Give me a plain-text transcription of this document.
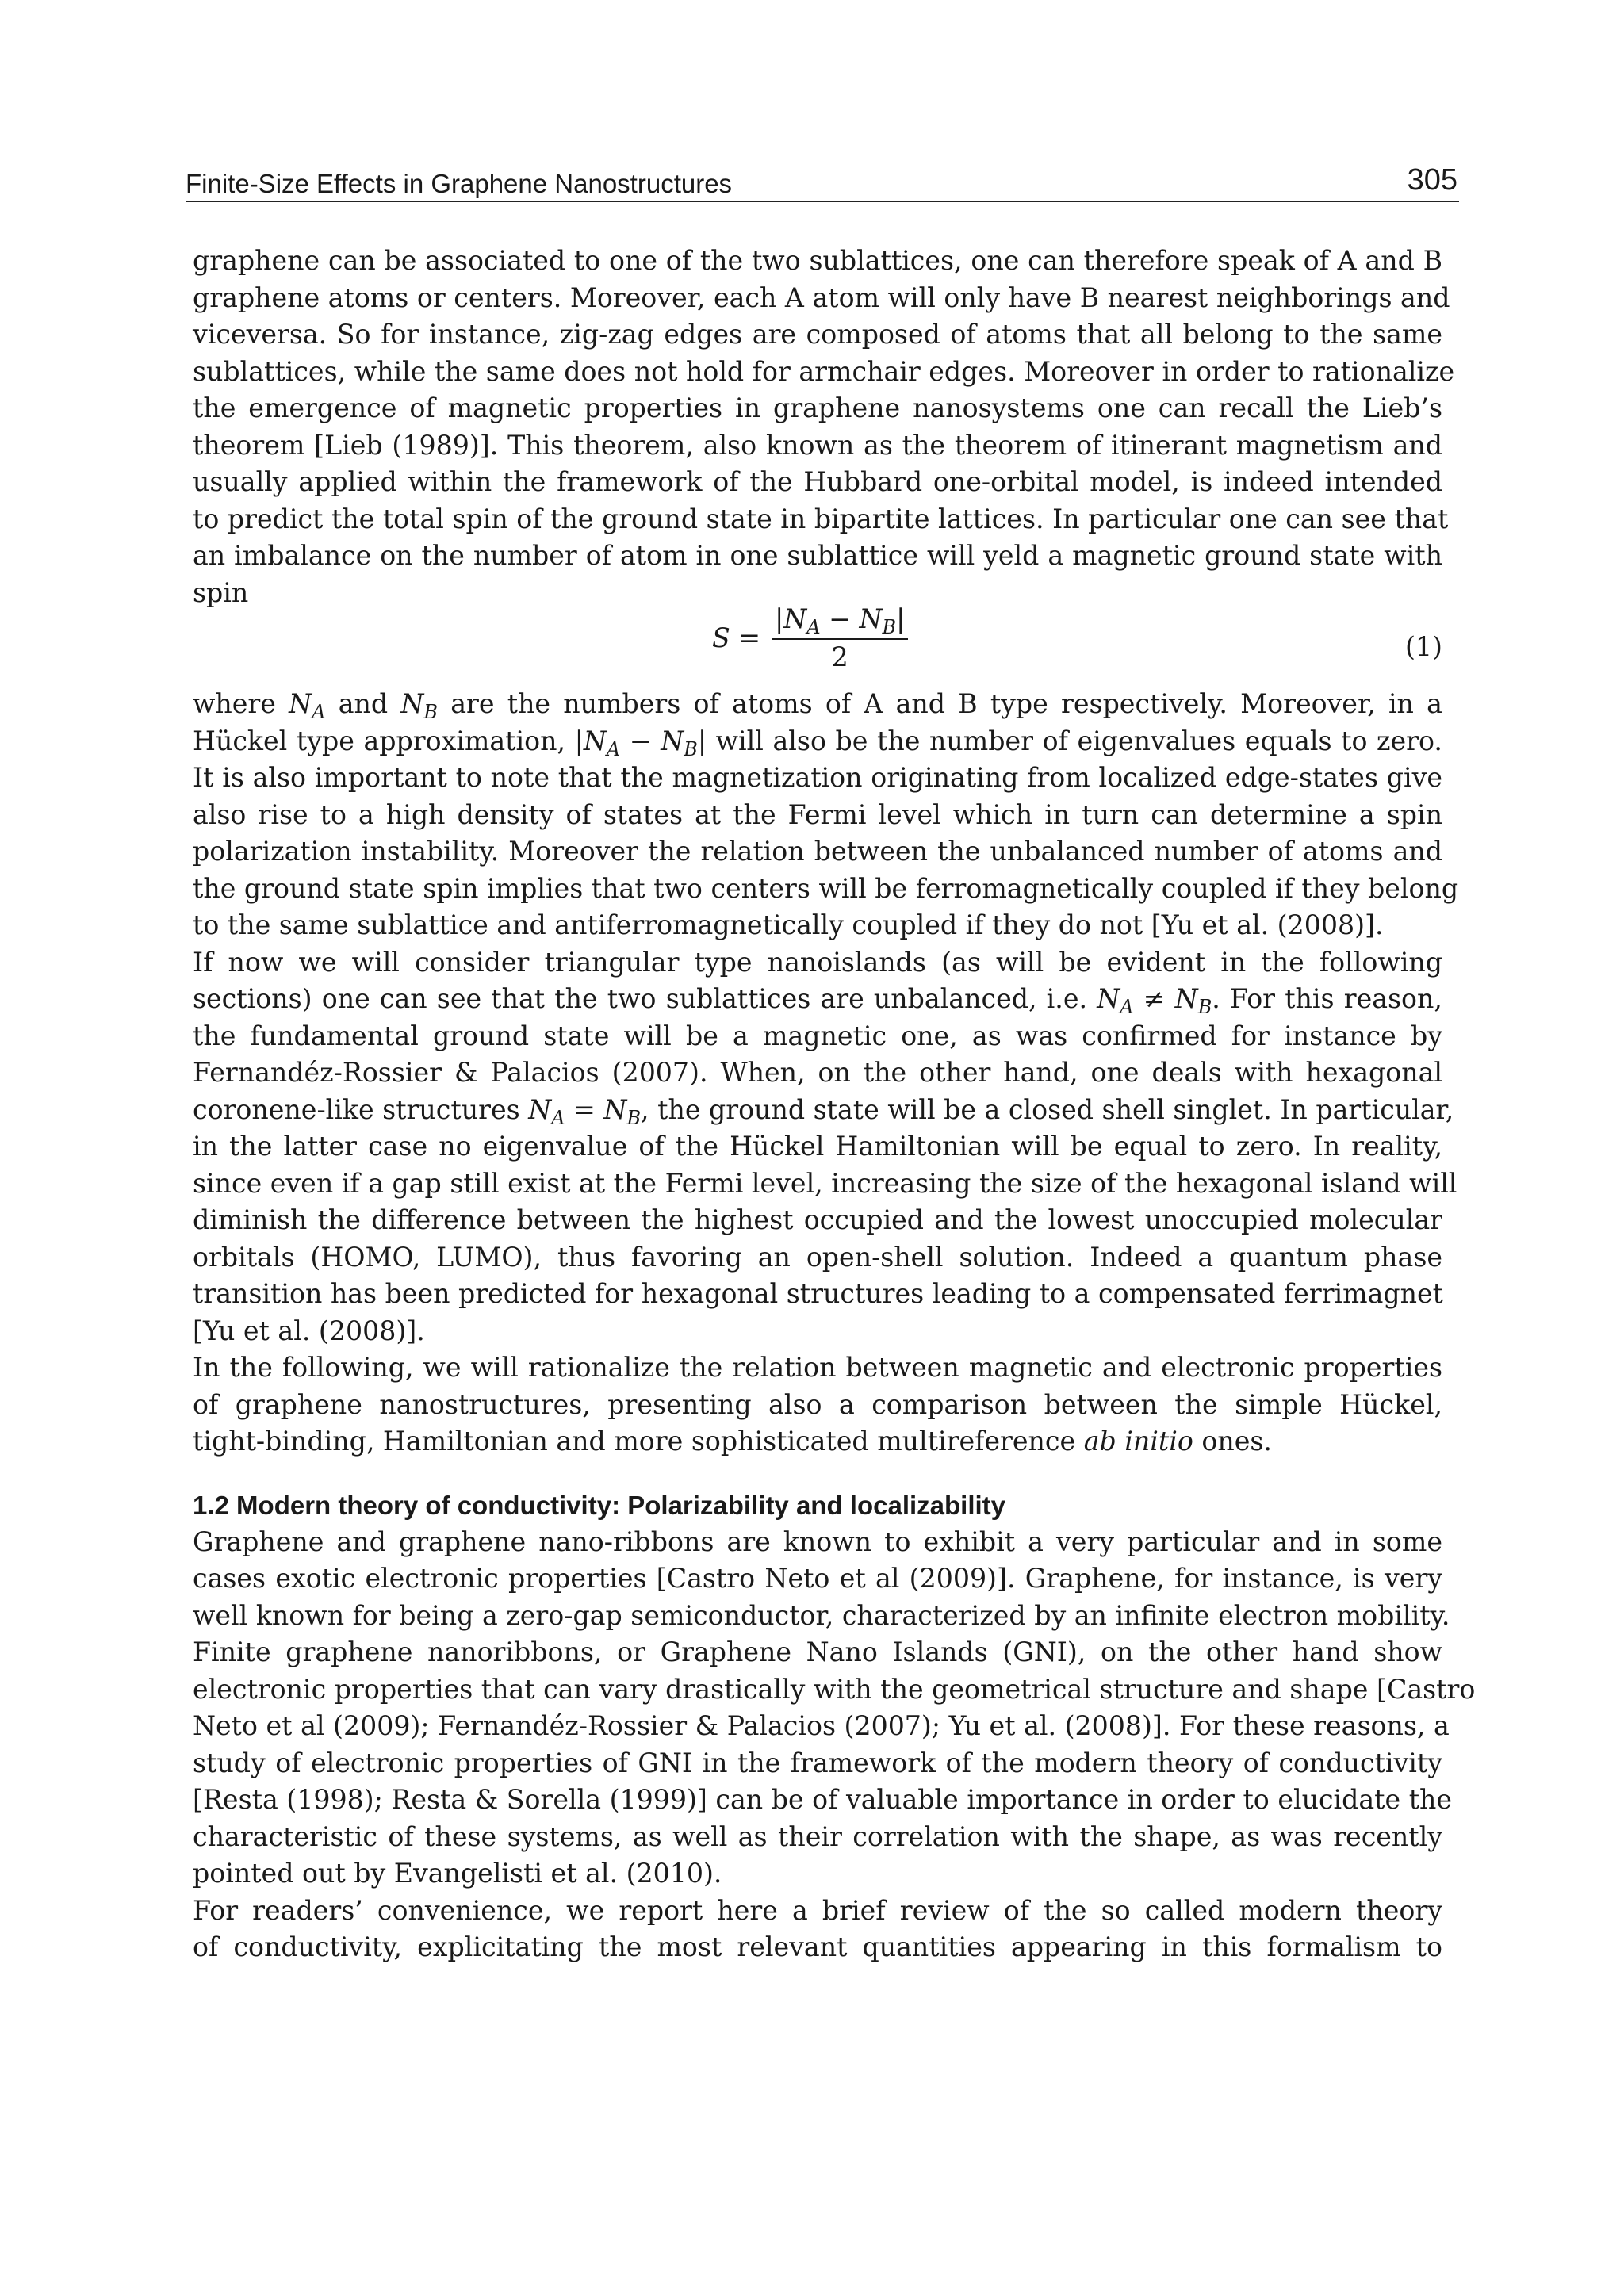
Finite-Size Effects in Graphene Nanostructures	305
graphene can be associated to one of the two sublattices, one can therefore speak of A and B
graphene atoms or centers. Moreover, each A atom will only have B nearest neighborings and
viceversa. So for instance, zig-zag edges are composed of atoms that all belong to the same
sublattices, while the same does not hold for armchair edges. Moreover in order to rationalize
the emergence of magnetic properties in graphene nanosystems one can recall the Lieb’s
theorem [Lieb (1989)]. This theorem, also known as the theorem of itinerant magnetism and
usually applied within the framework of the Hubbard one-orbital model, is indeed intended
to predict the total spin of the ground state in bipartite lattices. In particular one can see that
an imbalance on the number of atom in one sublattice will yeld a magnetic ground state with
spin
$S = \frac{|N_A - N_B|}{2}$	(1)
where $N_A$ and $N_B$ are the numbers of atoms of A and B type respectively. Moreover, in a
Hückel type approximation, $|N_A - N_B|$ will also be the number of eigenvalues equals to zero.
It is also important to note that the magnetization originating from localized edge-states give
also rise to a high density of states at the Fermi level which in turn can determine a spin
polarization instability. Moreover the relation between the unbalanced number of atoms and
the ground state spin implies that two centers will be ferromagnetically coupled if they belong
to the same sublattice and antiferromagnetically coupled if they do not [Yu et al. (2008)].
If now we will consider triangular type nanoislands (as will be evident in the following
sections) one can see that the two sublattices are unbalanced, i.e. $N_A \ne N_B$. For this reason,
the fundamental ground state will be a magnetic one, as was confirmed for instance by
Fernandéz-Rossier & Palacios (2007). When, on the other hand, one deals with hexagonal
coronene-like structures $N_A = N_B$, the ground state will be a closed shell singlet. In particular,
in the latter case no eigenvalue of the Hückel Hamiltonian will be equal to zero. In reality,
since even if a gap still exist at the Fermi level, increasing the size of the hexagonal island will
diminish the difference between the highest occupied and the lowest unoccupied molecular
orbitals (HOMO, LUMO), thus favoring an open-shell solution. Indeed a quantum phase
transition has been predicted for hexagonal structures leading to a compensated ferrimagnet
[Yu et al. (2008)].
In the following, we will rationalize the relation between magnetic and electronic properties
of graphene nanostructures, presenting also a comparison between the simple Hückel,
tight-binding, Hamiltonian and more sophisticated multireference ab initio ones.
1.2 Modern theory of conductivity: Polarizability and localizability
Graphene and graphene nano-ribbons are known to exhibit a very particular and in some
cases exotic electronic properties [Castro Neto et al (2009)]. Graphene, for instance, is very
well known for being a zero-gap semiconductor, characterized by an infinite electron mobility.
Finite graphene nanoribbons, or Graphene Nano Islands (GNI), on the other hand show
electronic properties that can vary drastically with the geometrical structure and shape [Castro
Neto et al (2009); Fernandéz-Rossier & Palacios (2007); Yu et al. (2008)]. For these reasons, a
study of electronic properties of GNI in the framework of the modern theory of conductivity
[Resta (1998); Resta & Sorella (1999)] can be of valuable importance in order to elucidate the
characteristic of these systems, as well as their correlation with the shape, as was recently
pointed out by Evangelisti et al. (2010).
For readers’ convenience, we report here a brief review of the so called modern theory
of conductivity, explicitating the most relevant quantities appearing in this formalism to
